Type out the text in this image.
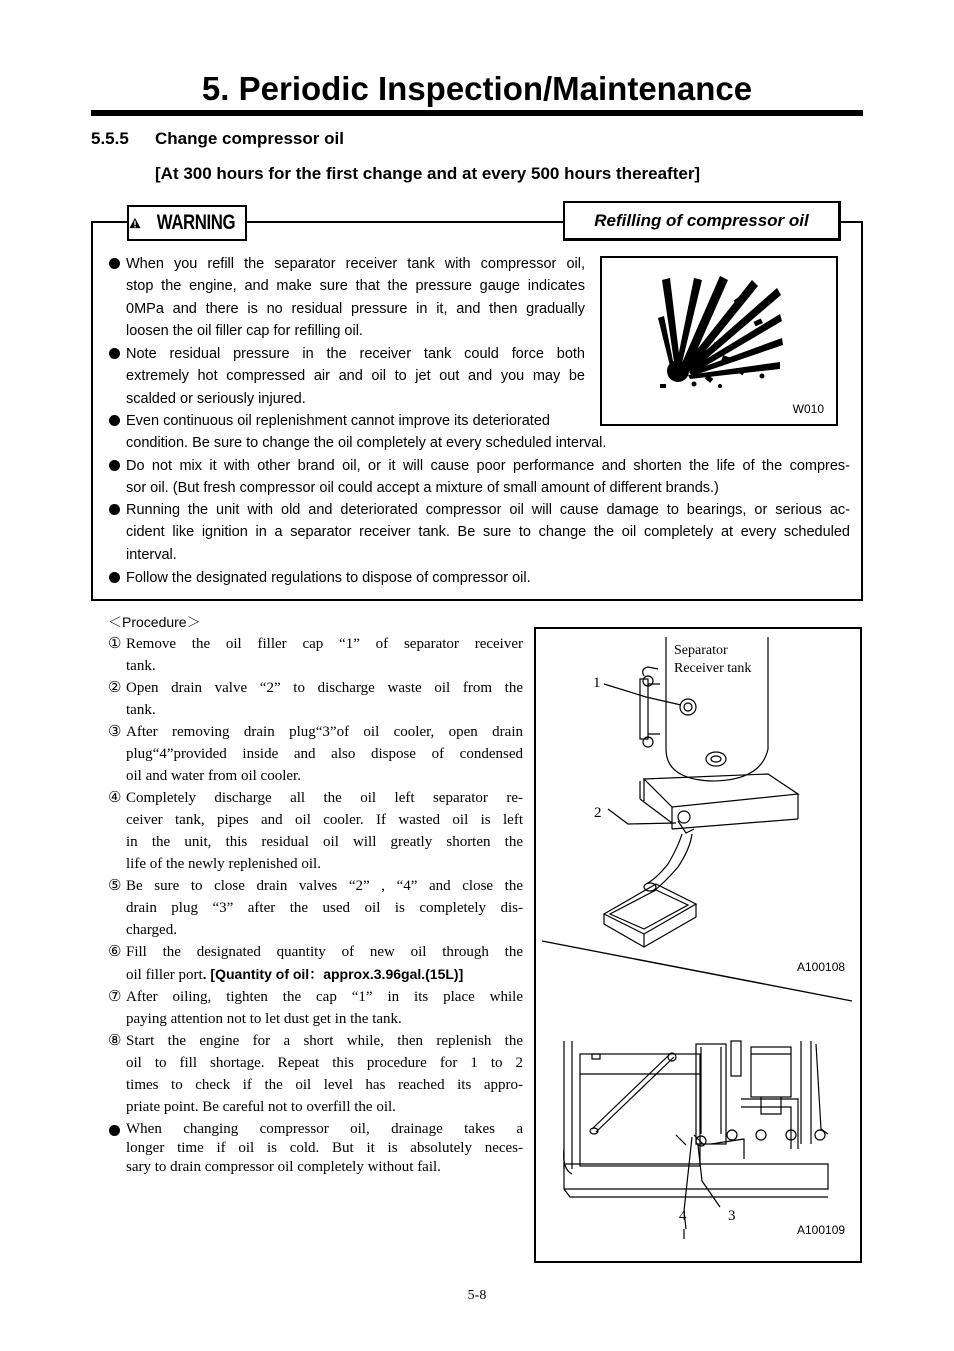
5. Periodic Inspection/Maintenance
5.5.5 Change compressor oil
[At 300 hours for the first change and at every 500 hours thereafter]
WARNING	Refilling of compressor oil
W010
When you refill the separator receiver tank with compressor oil,
stop the engine, and make sure that the pressure gauge indicates
0MPa and there is no residual pressure in it, and then gradually
loosen the oil filler cap for refilling oil.
Note residual pressure in the receiver tank could force both
extremely hot compressed air and oil to jet out and you may be
scalded or seriously injured.
Even continuous oil replenishment cannot improve its deteriorated
condition. Be sure to change the oil completely at every scheduled interval.
Do not mix it with other brand oil, or it will cause poor performance and shorten the life of the compres-
sor oil. (But fresh compressor oil could accept a mixture of small amount of different brands.)
Running the unit with old and deteriorated compressor oil will cause damage to bearings, or serious ac-
cident like ignition in a separator receiver tank. Be sure to change the oil completely at every scheduled
interval.
Follow the designated regulations to dispose of compressor oil.
＜Procedure＞
① Remove the oil filler cap “1” of separator receiver
tank.
② Open drain valve “2” to discharge waste oil from the
tank.
③ After removing drain plug“3”of oil cooler, open drain
plug“4”provided inside and also dispose of condensed
oil and water from oil cooler.
④ Completely discharge all the oil left separator re-
ceiver tank, pipes and oil cooler. If wasted oil is left
in the unit, this residual oil will greatly shorten the
life of the newly replenished oil.
⑤ Be sure to close drain valves “2” , “4” and close the
drain plug “3” after the used oil is completely dis-
charged.
⑥ Fill the designated quantity of new oil through the
oil filler port. [Quantity of oil：approx.3.96gal.(15L)]
⑦ After oiling, tighten the cap “1” in its place while
paying attention not to let dust get in the tank.
⑧ Start the engine for a short while, then replenish the
oil to fill shortage. Repeat this procedure for 1 to 2
times to check if the oil level has reached its appro-
priate point. Be careful not to overfill the oil.
When changing compressor oil, drainage takes a
longer time if oil is cold. But it is absolutely neces-
sary to drain compressor oil completely without fail.
Separator
Receiver tank
1
2
A100108
4	3
A100109
5-8
